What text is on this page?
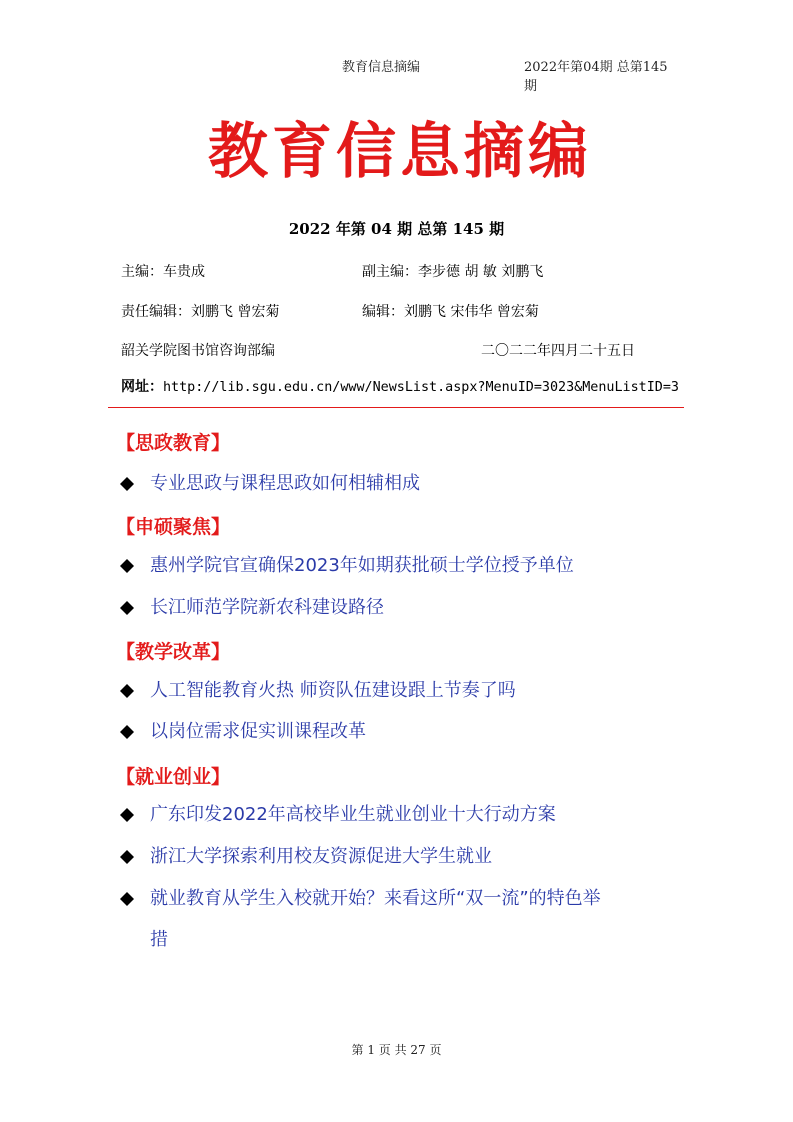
教育信息摘编	2022年第04期 总第145期
教育信息摘编
2022 年第 04 期 总第 145 期
主编：车贵成	副主编：李步德 胡 敏 刘鹏飞
责任编辑：刘鹏飞 曾宏菊	编辑：刘鹏飞 宋伟华 曾宏菊
韶关学院图书馆咨询部编	二〇二二年四月二十五日
网址：http://lib.sgu.edu.cn/www/NewsList.aspx?MenuID=3023&MenuListID=3
【思政教育】
专业思政与课程思政如何相辅相成
【申硕聚焦】
惠州学院官宣确保2023年如期获批硕士学位授予单位
长江师范学院新农科建设路径
【教学改革】
人工智能教育火热 师资队伍建设跟上节奏了吗
以岗位需求促实训课程改革
【就业创业】
广东印发2022年高校毕业生就业创业十大行动方案
浙江大学探索利用校友资源促进大学生就业
就业教育从学生入校就开始？来看这所“双一流”的特色举
措
第 1 页 共 27 页
